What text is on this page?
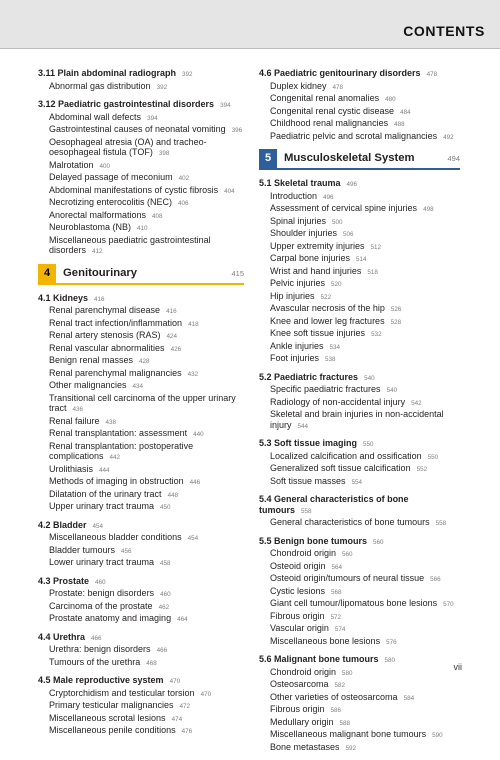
CONTENTS
3.11 Plain abdominal radiograph 392
Abnormal gas distribution 392
3.12 Paediatric gastrointestinal disorders 394
Abdominal wall defects 394
Gastrointestinal causes of neonatal vomiting 396
Oesophageal atresia (OA) and tracheo-oesophageal fistula (TOF) 398
Malrotation 400
Delayed passage of meconium 402
Abdominal manifestations of cystic fibrosis 404
Necrotizing enterocolitis (NEC) 406
Anorectal malformations 408
Neuroblastoma (NB) 410
Miscellaneous paediatric gastrointestinal disorders 412
4	Genitourinary	415
4.1 Kidneys 416
Renal parenchymal disease 416
Renal tract infection/inflammation 418
Renal artery stenosis (RAS) 424
Renal vascular abnormalities 426
Benign renal masses 428
Renal parenchymal malignancies 432
Other malignancies 434
Transitional cell carcinoma of the upper urinary tract 436
Renal failure 438
Renal transplantation: assessment 440
Renal transplantation: postoperative complications 442
Urolithiasis 444
Methods of imaging in obstruction 446
Dilatation of the urinary tract 448
Upper urinary tract trauma 450
4.2 Bladder 454
Miscellaneous bladder conditions 454
Bladder tumours 456
Lower urinary tract trauma 458
4.3 Prostate 460
Prostate: benign disorders 460
Carcinoma of the prostate 462
Prostate anatomy and imaging 464
4.4 Urethra 466
Urethra: benign disorders 466
Tumours of the urethra 468
4.5 Male reproductive system 470
Cryptorchidism and testicular torsion 470
Primary testicular malignancies 472
Miscellaneous scrotal lesions 474
Miscellaneous penile conditions 476
4.6 Paediatric genitourinary disorders 478
Duplex kidney 478
Congenital renal anomalies 480
Congenital renal cystic disease 484
Childhood renal malignancies 488
Paediatric pelvic and scrotal malignancies 492
5	Musculoskeletal System	494
5.1 Skeletal trauma 496
Introduction 496
Assessment of cervical spine injuries 498
Spinal injuries 500
Shoulder injuries 506
Upper extremity injuries 512
Carpal bone injuries 514
Wrist and hand injuries 518
Pelvic injuries 520
Hip injuries 522
Avascular necrosis of the hip 526
Knee and lower leg fractures 528
Knee soft tissue injuries 532
Ankle injuries 534
Foot injuries 538
5.2 Paediatric fractures 540
Specific paediatric fractures 540
Radiology of non-accidental injury 542
Skeletal and brain injuries in non-accidental injury 544
5.3 Soft tissue imaging 550
Localized calcification and ossification 550
Generalized soft tissue calcification 552
Soft tissue masses 554
5.4 General characteristics of bone tumours 558
General characteristics of bone tumours 558
5.5 Benign bone tumours 560
Chondroid origin 560
Osteoid origin 564
Osteoid origin/tumours of neural tissue 566
Cystic lesions 568
Giant cell tumour/lipomatous bone lesions 570
Fibrous origin 572
Vascular origin 574
Miscellaneous bone lesions 576
5.6 Malignant bone tumours 580
Chondroid origin 580
Osteosarcoma 582
Other varieties of osteosarcoma 584
Fibrous origin 586
Medullary origin 588
Miscellaneous malignant bone tumours 590
Bone metastases 592
vii
